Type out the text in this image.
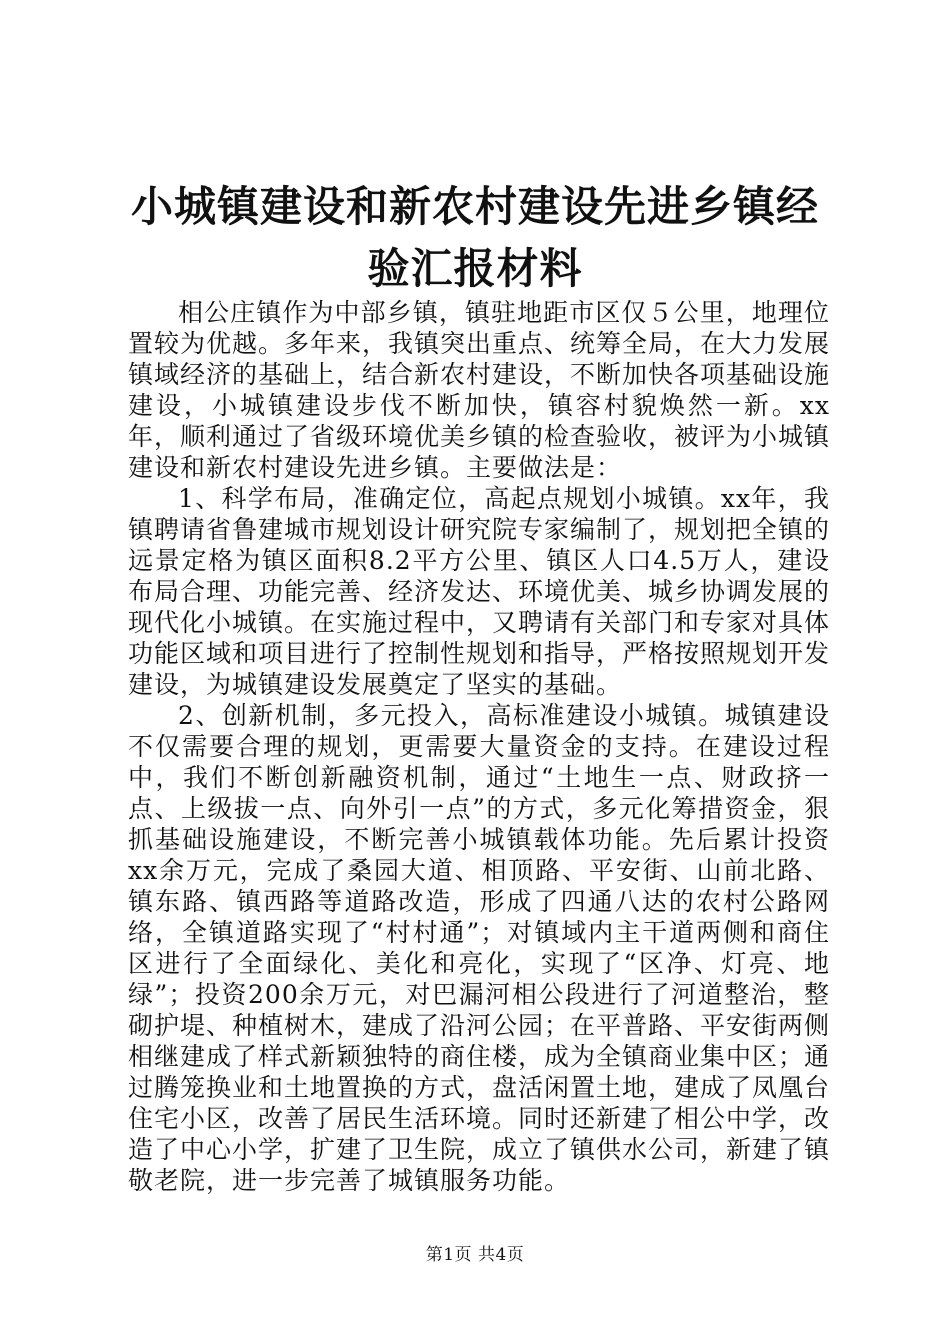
小城镇建设和新农村建设先进乡镇经验汇报材料

相公庄镇作为中部乡镇，镇驻地距市区仅５公里，地理位置较为优越。多年来，我镇突出重点、统筹全局，在大力发展镇域经济的基础上，结合新农村建设，不断加快各项基础设施建设，小城镇建设步伐不断加快，镇容村貌焕然一新。xx年，顺利通过了省级环境优美乡镇的检查验收，被评为小城镇建设和新农村建设先进乡镇。主要做法是：

1、科学布局，准确定位，高起点规划小城镇。xx年，我镇聘请省鲁建城市规划设计研究院专家编制了，规划把全镇的远景定格为镇区面积8.2平方公里、镇区人口4.5万人，建设布局合理、功能完善、经济发达、环境优美、城乡协调发展的现代化小城镇。在实施过程中，又聘请有关部门和专家对具体功能区域和项目进行了控制性规划和指导，严格按照规划开发建设，为城镇建设发展奠定了坚实的基础。

2、创新机制，多元投入，高标准建设小城镇。城镇建设不仅需要合理的规划，更需要大量资金的支持。在建设过程中，我们不断创新融资机制，通过“土地生一点、财政挤一点、上级拔一点、向外引一点”的方式，多元化筹措资金，狠抓基础设施建设，不断完善小城镇载体功能。先后累计投资xx余万元，完成了桑园大道、相顶路、平安街、山前北路、镇东路、镇西路等道路改造，形成了四通八达的农村公路网络，全镇道路实现了“村村通”；对镇域内主干道两侧和商住区进行了全面绿化、美化和亮化，实现了“区净、灯亮、地绿”；投资200余万元，对巴漏河相公段进行了河道整治，整砌护堤、种植树木，建成了沿河公园；在平普路、平安街两侧相继建成了样式新颖独特的商住楼，成为全镇商业集中区；通过腾笼换业和土地置换的方式，盘活闲置土地，建成了凤凰台住宅小区，改善了居民生活环境。同时还新建了相公中学，改造了中心小学，扩建了卫生院，成立了镇供水公司，新建了镇敬老院，进一步完善了城镇服务功能。

第1页 共4页
